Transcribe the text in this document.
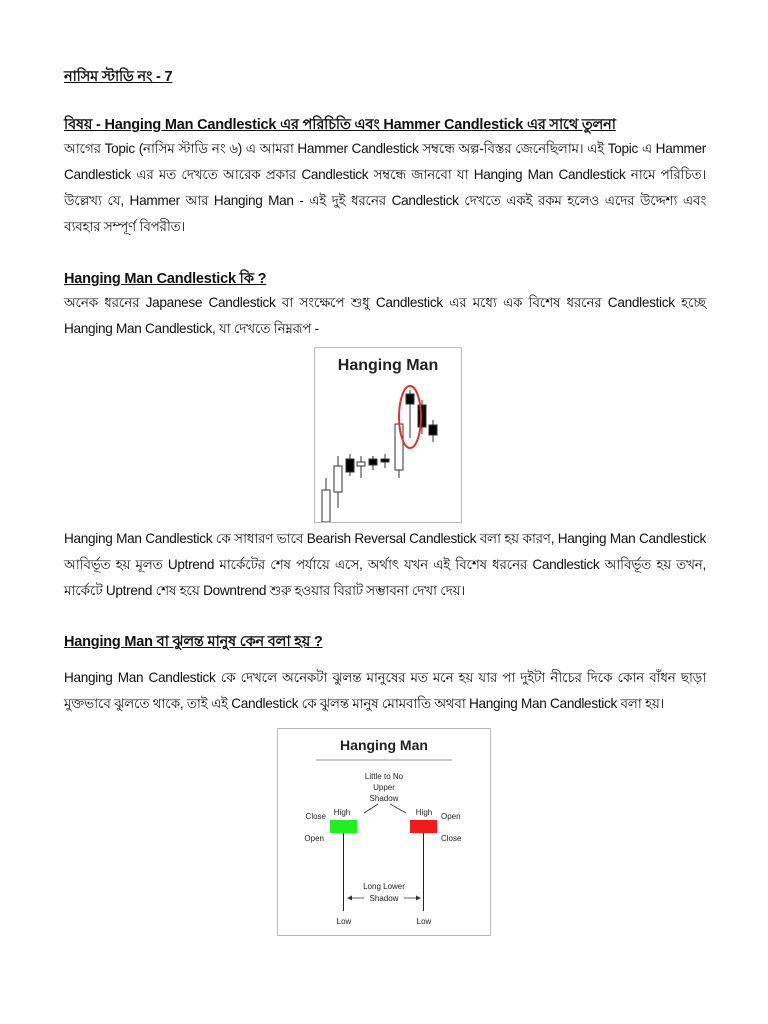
নাসিম স্টাডি নং - 7
বিষয় - Hanging Man Candlestick এর পরিচিতি এবং Hammer Candlestick এর সাথে তুলনা
আগের Topic (নাসিম স্টাডি নং ৬) এ আমরা Hammer Candlestick সম্বন্ধে অল্প-বিস্তর জেনেছিলাম। এই Topic এ Hammer Candlestick এর মত দেখতে আরেক প্রকার Candlestick সম্বন্ধে জানবো যা Hanging Man Candlestick নামে পরিচিত। উল্লেখ্য যে, Hammer আর Hanging Man - এই দুই ধরনের Candlestick দেখতে একই রকম হলেও এদের উদ্দেশ্য এবং ব্যবহার সম্পূর্ণ বিপরীত।
Hanging Man Candlestick কি ?
অনেক ধরনের Japanese Candlestick বা সংক্ষেপে শুধু Candlestick এর মধ্যে এক বিশেষ ধরনের Candlestick হচ্ছে Hanging Man Candlestick, যা দেখতে নিম্নরূপ -
Hanging Man
Hanging Man Candlestick কে সাধারণ ভাবে Bearish Reversal Candlestick বলা হয় কারণ, Hanging Man Candlestick আবির্ভূত হয় মূলত Uptrend মার্কেটের শেষ পর্যায়ে এসে, অর্থাৎ যখন এই বিশেষ ধরনের Candlestick আবির্ভূত হয় তখন, মার্কেটে Uptrend শেষ হয়ে Downtrend শুরু হওয়ার বিরাট সম্ভাবনা দেখা দেয়।
Hanging Man বা ঝুলন্ত মানুষ কেন বলা হয় ?
Hanging Man Candlestick কে দেখলে অনেকটা ঝুলন্ত মানুষের মত মনে হয় যার পা দুইটা নীচের দিকে কোন বাঁধন ছাড়া মুক্তভাবে ঝুলতে থাকে, তাই এই Candlestick কে ঝুলন্ত মানুষ মোমবাতি অথবা Hanging Man Candlestick বলা হয়।
Hanging Man
Little to No
Upper
Shadow
Close High
Open
Low
High Open
Close
Low
Long Lower
Shadow
